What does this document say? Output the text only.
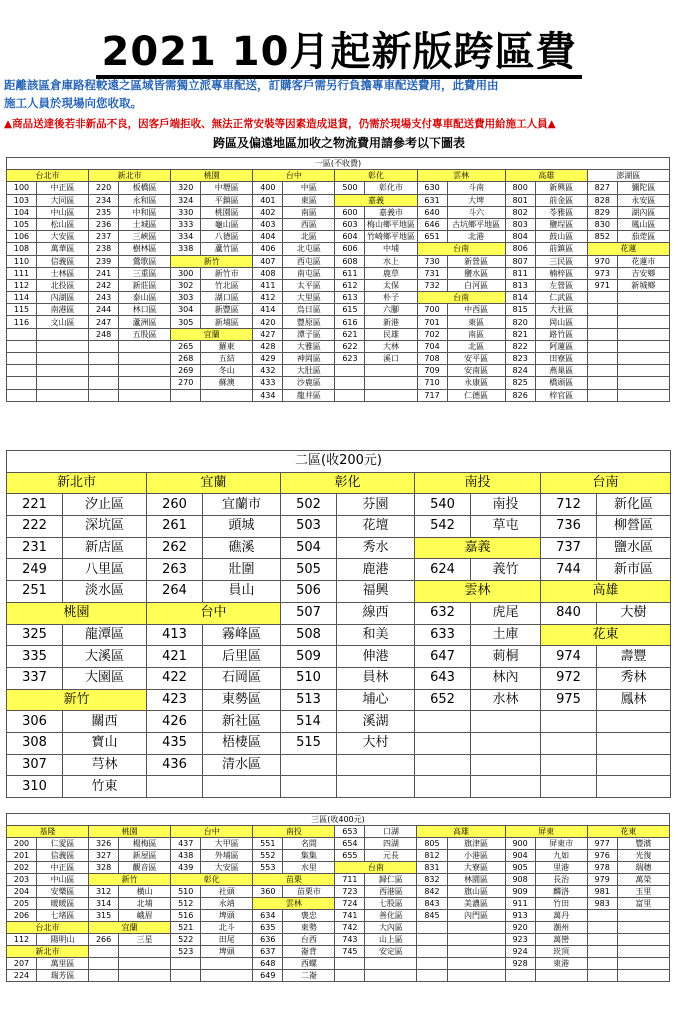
2021 10月起新版跨區費
距離該區倉庫路程較遠之區域皆需獨立派專車配送，訂購客戶需另行負擔專車配送費用，此費用由
施工人員於現場向您收取。
▲商品送達後若非新品不良，因客戶端拒收、無法正常安裝等因素造成退貨，仍需於現場支付專車配送費用給施工人員▲
跨區及偏遠地區加收之物流費用請參考以下圖表
一區(不收費)															
台北市		新北市		桃園		台中		彰化		雲林		高雄		澎湖區	
100	中正區	220	板橋區	320	中壢區	400	中區	500	彰化市	630	斗南	800	新興區	827	彌陀區
103	大同區	234	永和區	324	平鎮區	401	東區	嘉義		631	大埤	801	前金區	828	永安區
104	中山區	235	中和區	330	桃園區	402	南區	600	嘉義市	640	斗六	802	苓雅區	829	湖內區
105	松山區	236	土城區	333	龜山區	403	西區	603	梅山鄉平地區	646	古坑鄉平地區	803	鹽埕區	830	鳳山區
106	大安區	237	三峽區	334	八德區	404	北區	604	竹崎鄉平地區	651	北港	804	鼓山區	852	茄萣區
108	萬華區	238	樹林區	338	蘆竹區	406	北屯區	606	中埔	台南		806	前鎮區	花蓮	
110	信義區	239	鶯歌區	新竹		407	西屯區	608	水上	730	新營區	807	三民區	970	花蓮市
111	士林區	241	三重區	300	新竹市	408	南屯區	611	鹿草	731	鹽水區	811	楠梓區	973	吉安鄉
112	北投區	242	新莊區	302	竹北區	411	太平區	612	太保	732	白河區	813	左營區	971	新城鄉
114	內湖區	243	泰山區	303	湖口區	412	大里區	613	朴子	台南		814	仁武區		
115	南港區	244	林口區	304	新豐區	414	烏日區	615	六腳	700	中西區	815	大社區		
116	文山區	247	蘆洲區	305	新埔區	420	豐原區	616	新港	701	東區	820	岡山區		
		248	五股區	宜蘭		427	潭子區	621	民雄	702	南區	821	路竹區		
				265	羅東	428	大雅區	622	大林	704	北區	822	阿蓮區		
				268	五結	429	神岡區	623	溪口	708	安平區	823	田寮區		
				269	冬山	432	大肚區			709	安南區	824	燕巢區		
				270	蘇澳	433	沙鹿區			710	永康區	825	橋頭區		
						434	龍井區			717	仁德區	826	梓官區		
二區(收200元)									
新北市		宜蘭		彰化		南投		台南	
221	汐止區	260	宜蘭市	502	芬園	540	南投	712	新化區
222	深坑區	261	頭城	503	花壇	542	草屯	736	柳營區
231	新店區	262	礁溪	504	秀水	嘉義		737	鹽水區
249	八里區	263	壯圍	505	鹿港	624	義竹	744	新市區
251	淡水區	264	員山	506	福興	雲林		高雄	
桃園		台中		507	線西	632	虎尾	840	大樹
325	龍潭區	413	霧峰區	508	和美	633	土庫	花東	
335	大溪區	421	后里區	509	伸港	647	莿桐	974	壽豐
337	大園區	422	石岡區	510	員林	643	林內	972	秀林
新竹		423	東勢區	513	埔心	652	水林	975	鳳林
306	關西	426	新社區	514	溪湖				
308	寶山	435	梧棲區	515	大村				
307	芎林	436	清水區						
310	竹東								
三區(收400元)															
基隆		桃園		台中		南投		653	口湖	高雄		屏東		花東	
200	仁愛區	326	楊梅區	437	大甲區	551	名間	654	四湖	805	旗津區	900	屏東市	977	豐濱
201	信義區	327	新屋區	438	外埔區	552	集集	655	元長	812	小港區	904	九如	976	光復
202	中正區	328	觀音區	439	大安區	553	水里	台南		831	大寮區	905	里港	978	瑞穗
203	中山區	新竹		彰化		苗栗		711	歸仁區	832	林園區	908	長治	979	萬榮
204	安樂區	312	橫山	510	社頭	360	苗栗市	723	西港區	842	旗山區	909	麟洛	981	玉里
205	暖暖區	314	北埔	512	永靖	雲林		724	七股區	843	美濃區	911	竹田	983	富里
206	七堵區	315	峨眉	516	埤頭	634	褒忠	741	善化區	845	內門區	913	萬丹		
台北市		宜蘭		521	北斗	635	東勢	742	大內區			920	潮州		
112	陽明山	266	三星	522	田尾	636	台西	743	山上區			923	萬巒		
新北市				523	埤頭	637	崙背	745	安定區			924	崁頂		
207	萬里區					648	西螺					928	東港		
224	瑞芳區					649	二崙								
